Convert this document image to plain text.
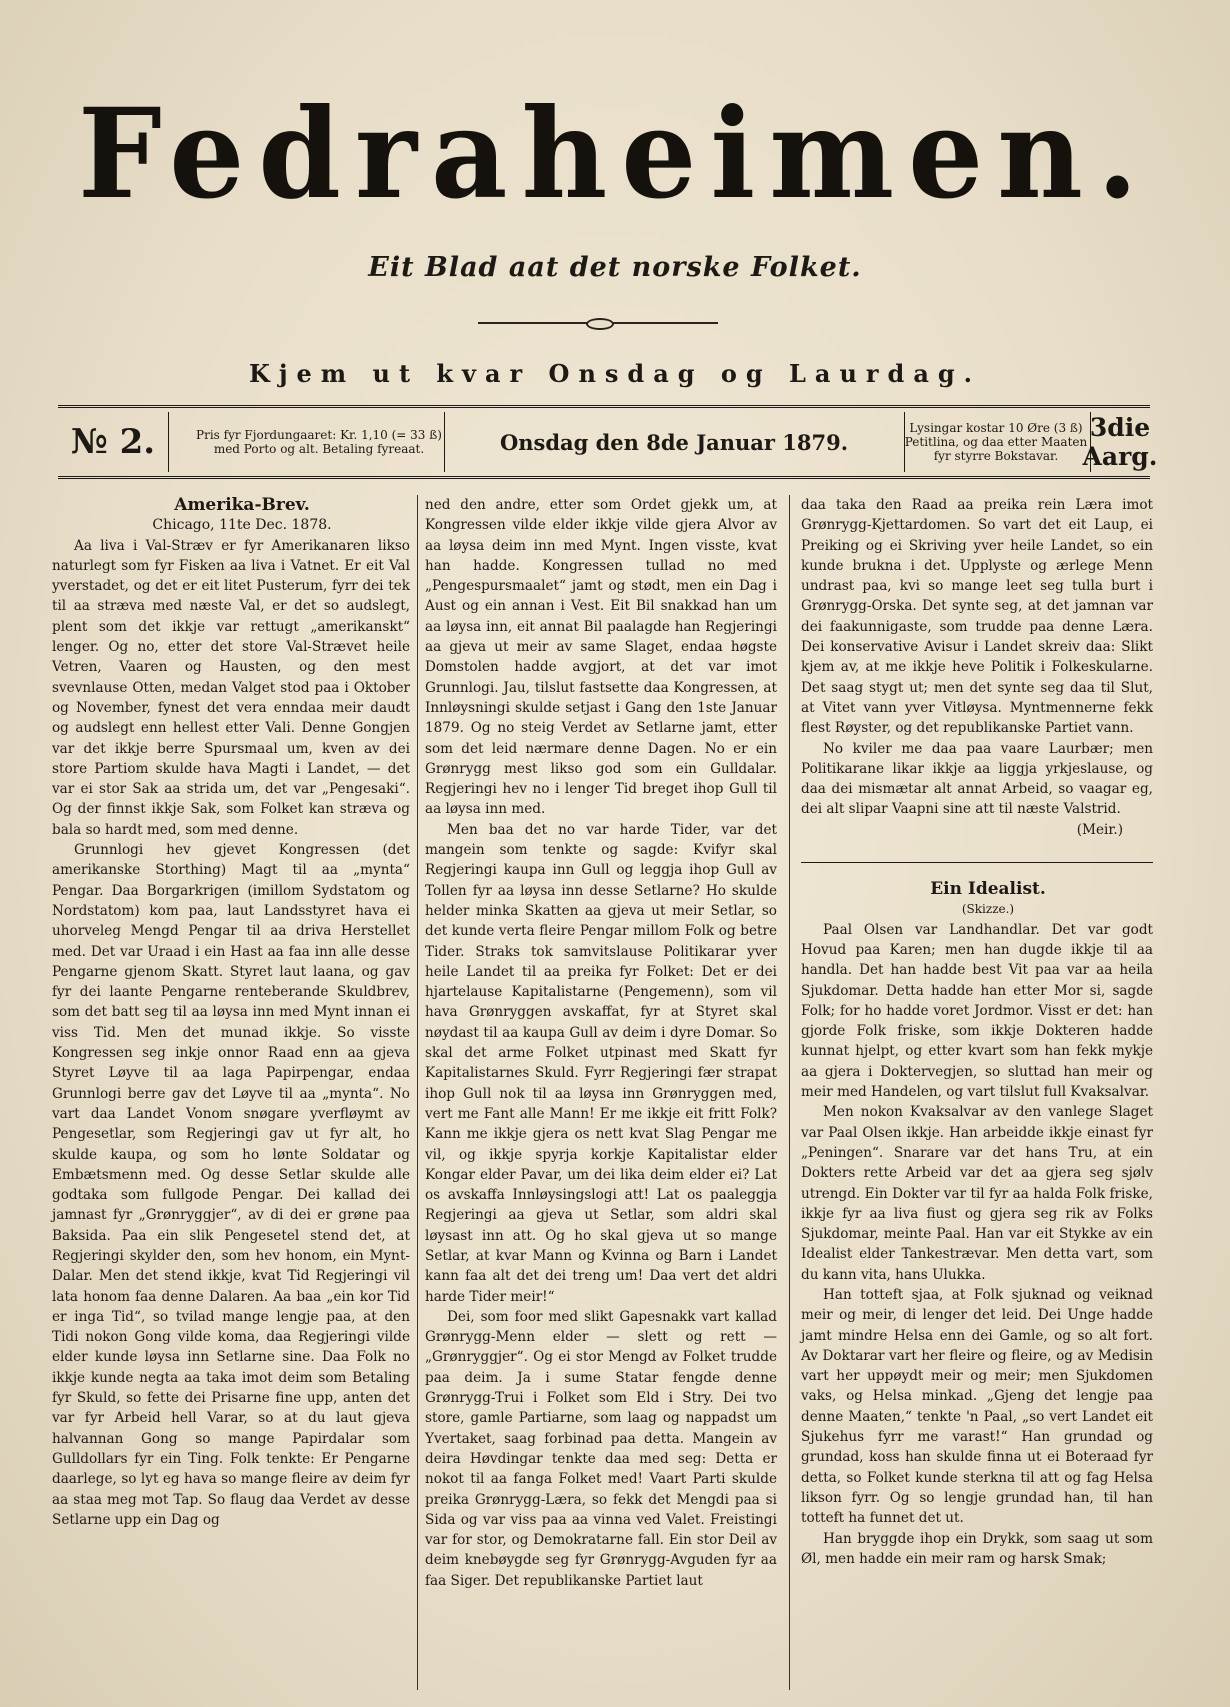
Fedraheimen.
Eit Blad aat det norske Folket.
Kjem ut kvar Onsdag og Laurdag.
№ 2.	Pris fyr Fjordungaaret: Kr. 1,10 (= 33 ß) med Porto og alt. Betaling fyreaat.	Onsdag den 8de Januar 1879.
Lysingar kostar 10 Øre (3 ß) Petitlina, og daa etter Maaten fyr styrre Bokstavar.
3die Aarg.

Amerika-Brev.

Chicago, 11te Dec. 1878.

Aa liva i Val-Stræv er fyr Amerikanaren likso naturlegt som fyr Fisken aa liva i Vatnet. Er eit Val yverstadet, og det er eit litet Pusterum, fyrr dei tek til aa stræva med næste Val, er det so audslegt, plent som det ikkje var rettugt „amerikanskt“ lenger. Og no, etter det store Val-Strævet heile Vetren, Vaaren og Hausten, og den mest svevnlause Otten, medan Valget stod paa i Oktober og November, fynest det vera enndaa meir daudt og audslegt enn hellest etter Vali. Denne Gongjen var det ikkje berre Spursmaal um, kven av dei store Partiom skulde hava Magti i Landet, — det var ei stor Sak aa strida um, det var „Pengesaki“. Og der finnst ikkje Sak, som Folket kan stræva og bala so hardt med, som med denne.

Grunnlogi hev gjevet Kongressen (det amerikanske Storthing) Magt til aa „mynta“ Pengar. Daa Borgarkrigen (imillom Sydstatom og Nordstatom) kom paa, laut Landsstyret hava ei uhorveleg Mengd Pengar til aa driva Herstellet med. Det var Uraad i ein Hast aa faa inn alle desse Pengarne gjenom Skatt. Styret laut laana, og gav fyr dei laante Pengarne renteberande Skuldbrev, som det batt seg til aa løysa inn med Mynt innan ei viss Tid. Men det munad ikkje. So visste Kongressen seg inkje onnor Raad enn aa gjeva Styret Løyve til aa laga Papirpengar, endaa Grunnlogi berre gav det Løyve til aa „mynta“. No vart daa Landet Vonom snøgare yverfløymt av Pengesetlar, som Regjeringi gav ut fyr alt, ho skulde kaupa, og som ho lønte Soldatar og Embætsmenn med. Og desse Setlar skulde alle godtaka som fullgode Pengar. Dei kallad dei jamnast fyr „Grønryggjer“, av di dei er grøne paa Baksida. Paa ein slik Pengesetel stend det, at Regjeringi skylder den, som hev honom, ein Mynt-Dalar. Men det stend ikkje, kvat Tid Regjeringi vil lata honom faa denne Dalaren. Aa baa „ein kor Tid er inga Tid“, so tvilad mange lengje paa, at den Tidi nokon Gong vilde koma, daa Regjeringi vilde elder kunde løysa inn Setlarne sine. Daa Folk no ikkje kunde negta aa taka imot deim som Betaling fyr Skuld, so fette dei Prisarne fine upp, anten det var fyr Arbeid hell Varar, so at du laut gjeva halvannan Gong so mange Papirdalar som Gulldollars fyr ein Ting. Folk tenkte: Er Pengarne daarlege, so lyt eg hava so mange fleire av deim fyr aa staa meg mot Tap. So flaug daa Verdet av desse Setlarne upp ein Dag og

ned den andre, etter som Ordet gjekk um, at Kongressen vilde elder ikkje vilde gjera Alvor av aa løysa deim inn med Mynt. Ingen visste, kvat han hadde. Kongressen tullad no med „Pengespursmaalet“ jamt og stødt, men ein Dag i Aust og ein annan i Vest. Eit Bil snakkad han um aa løysa inn, eit annat Bil paalagde han Regjeringi aa gjeva ut meir av same Slaget, endaa høgste Domstolen hadde avgjort, at det var imot Grunnlogi. Jau, tilslut fastsette daa Kongressen, at Innløysningi skulde setjast i Gang den 1ste Januar 1879. Og no steig Verdet av Setlarne jamt, etter som det leid nærmare denne Dagen. No er ein Grønrygg mest likso god som ein Gulldalar. Regjeringi hev no i lenger Tid breget ihop Gull til aa løysa inn med.

Men baa det no var harde Tider, var det mangein som tenkte og sagde: Kvifyr skal Regjeringi kaupa inn Gull og leggja ihop Gull av Tollen fyr aa løysa inn desse Setlarne? Ho skulde helder minka Skatten aa gjeva ut meir Setlar, so det kunde verta fleire Pengar millom Folk og betre Tider. Straks tok samvitslause Politikarar yver heile Landet til aa preika fyr Folket: Det er dei hjartelause Kapitalistarne (Pengemenn), som vil hava Grønryggen avskaffat, fyr at Styret skal nøydast til aa kaupa Gull av deim i dyre Domar. So skal det arme Folket utpinast med Skatt fyr Kapitalistarnes Skuld. Fyrr Regjeringi fær strapat ihop Gull nok til aa løysa inn Grønryggen med, vert me Fant alle Mann! Er me ikkje eit fritt Folk? Kann me ikkje gjera os nett kvat Slag Pengar me vil, og ikkje spyrja korkje Kapitalistar elder Kongar elder Pavar, um dei lika deim elder ei? Lat os avskaffa Innløysingslogi att! Lat os paaleggja Regjeringi aa gjeva ut Setlar, som aldri skal løysast inn att. Og ho skal gjeva ut so mange Setlar, at kvar Mann og Kvinna og Barn i Landet kann faa alt det dei treng um! Daa vert det aldri harde Tider meir!“

Dei, som foor med slikt Gapesnakk vart kallad Grønrygg-Menn elder — slett og rett — „Grønryggjer“. Og ei stor Mengd av Folket trudde paa deim. Ja i sume Statar fengde denne Grønrygg-Trui i Folket som Eld i Stry. Dei tvo store, gamle Partiarne, som laag og nappadst um Yvertaket, saag forbinad paa detta. Mangein av deira Høvdingar tenkte daa med seg: Detta er nokot til aa fanga Folket med! Vaart Parti skulde preika Grønrygg-Læra, so fekk det Mengdi paa si Sida og var viss paa aa vinna ved Valet. Freistingi var for stor, og Demokratarne fall. Ein stor Deil av deim knebøygde seg fyr Grønrygg-Avguden fyr aa faa Siger. Det republikanske Partiet laut

daa taka den Raad aa preika rein Læra imot Grønrygg-Kjettardomen. So vart det eit Laup, ei Preiking og ei Skriving yver heile Landet, so ein kunde brukna i det. Upplyste og ærlege Menn undrast paa, kvi so mange leet seg tulla burt i Grønrygg-Orska. Det synte seg, at det jamnan var dei faakunnigaste, som trudde paa denne Læra. Dei konservative Avisur i Landet skreiv daa: Slikt kjem av, at me ikkje heve Politik i Folkeskularne. Det saag stygt ut; men det synte seg daa til Slut, at Vitet vann yver Vitløysa. Myntmennerne fekk flest Røyster, og det republikanske Partiet vann.

No kviler me daa paa vaare Laurbær; men Politikarane likar ikkje aa liggja yrkjeslause, og daa dei mismætar alt annat Arbeid, so vaagar eg, dei alt slipar Vaapni sine att til næste Valstrid.

(Meir.)

Ein Idealist.

(Skizze.)

Paal Olsen var Landhandlar. Det var godt Hovud paa Karen; men han dugde ikkje til aa handla. Det han hadde best Vit paa var aa heila Sjukdomar. Detta hadde han etter Mor si, sagde Folk; for ho hadde voret Jordmor. Visst er det: han gjorde Folk friske, som ikkje Dokteren hadde kunnat hjelpt, og etter kvart som han fekk mykje aa gjera i Doktervegjen, so sluttad han meir og meir med Handelen, og vart tilslut full Kvaksalvar.

Men nokon Kvaksalvar av den vanlege Slaget var Paal Olsen ikkje. Han arbeidde ikkje einast fyr „Peningen“. Snarare var det hans Tru, at ein Dokters rette Arbeid var det aa gjera seg sjølv utrengd. Ein Dokter var til fyr aa halda Folk friske, ikkje fyr aa liva fiust og gjera seg rik av Folks Sjukdomar, meinte Paal. Han var eit Stykke av ein Idealist elder Tankestrævar. Men detta vart, som du kann vita, hans Ulukka.

Han totteft sjaa, at Folk sjuknad og veiknad meir og meir, di lenger det leid. Dei Unge hadde jamt mindre Helsa enn dei Gamle, og so alt fort. Av Doktarar vart her fleire og fleire, og av Medisin vart her uppøydt meir og meir; men Sjukdomen vaks, og Helsa minkad. „Gjeng det lengje paa denne Maaten,“ tenkte 'n Paal, „so vert Landet eit Sjukehus fyrr me varast!“ Han grundad og grundad, koss han skulde finna ut ei Boteraad fyr detta, so Folket kunde sterkna til att og fag Helsa likson fyrr. Og so lengje grundad han, til han totteft ha funnet det ut.

Han bryggde ihop ein Drykk, som saag ut som Øl, men hadde ein meir ram og harsk Smak;
